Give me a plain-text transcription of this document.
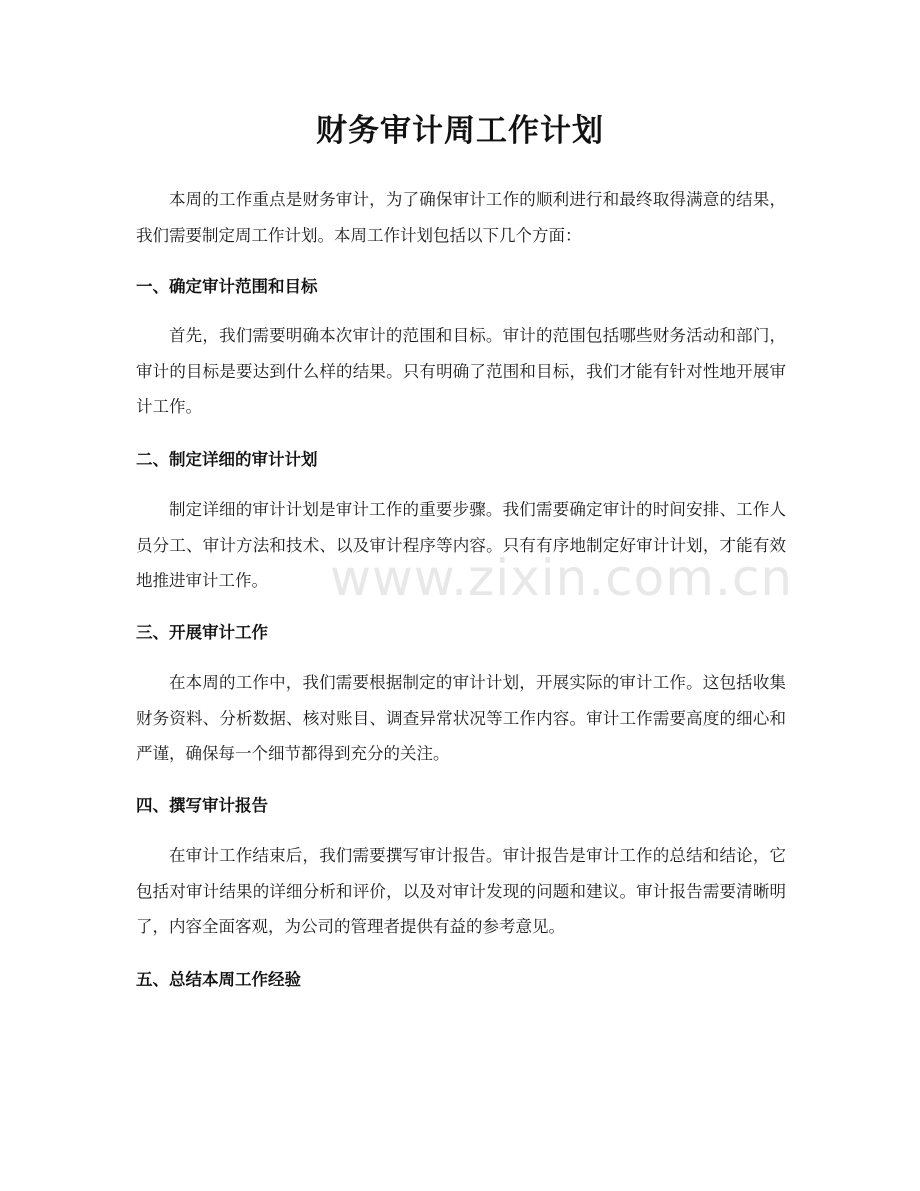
财务审计周工作计划
本周的工作重点是财务审计，为了确保审计工作的顺利进行和最终取得满意的结果，我们需要制定周工作计划。本周工作计划包括以下几个方面：
一、确定审计范围和目标
首先，我们需要明确本次审计的范围和目标。审计的范围包括哪些财务活动和部门，审计的目标是要达到什么样的结果。只有明确了范围和目标，我们才能有针对性地开展审计工作。
二、制定详细的审计计划
制定详细的审计计划是审计工作的重要步骤。我们需要确定审计的时间安排、工作人员分工、审计方法和技术、以及审计程序等内容。只有有序地制定好审计计划，才能有效地推进审计工作。
三、开展审计工作
在本周的工作中，我们需要根据制定的审计计划，开展实际的审计工作。这包括收集财务资料、分析数据、核对账目、调查异常状况等工作内容。审计工作需要高度的细心和严谨，确保每一个细节都得到充分的关注。
四、撰写审计报告
在审计工作结束后，我们需要撰写审计报告。审计报告是审计工作的总结和结论，它包括对审计结果的详细分析和评价，以及对审计发现的问题和建议。审计报告需要清晰明了，内容全面客观，为公司的管理者提供有益的参考意见。
五、总结本周工作经验
www.zixin.com.cn
